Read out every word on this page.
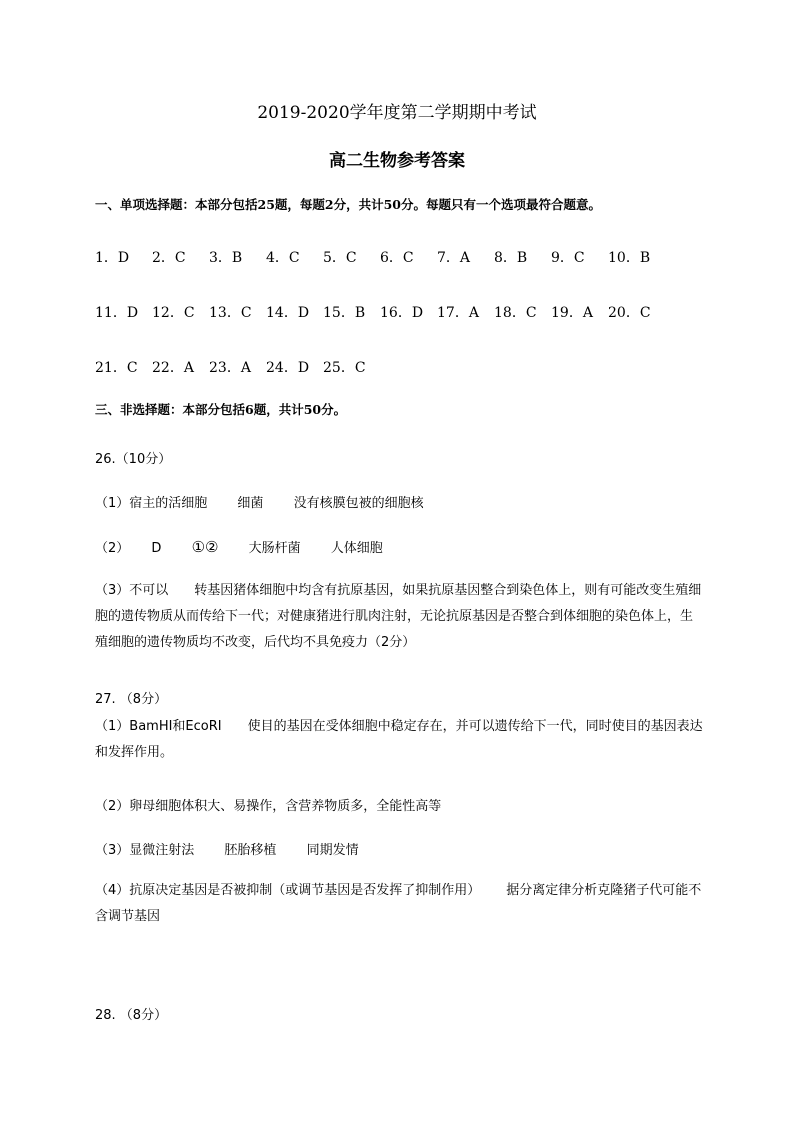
2019-2020学年度第二学期期中考试
高二生物参考答案
一、单项选择题：本部分包括25题，每题2分，共计50分。每题只有一个选项最符合题意。
1．D	2．C	3．B	4．C	5．C	6．C	7．A	8．B	9．C	10．B
11．D 12．C	13．C	14．D 15．B	16．D 17．A	18．C	19．A	20．C
21．C	22．A	23．A	24．D 25．C
三、非选择题：本部分包括6题，共计50分。
26.（10分）
（1）宿主的活细胞 细菌 没有核膜包被的细胞核
（2） D ①② 大肠杆菌 人体细胞
（3）不可以 转基因猪体细胞中均含有抗原基因，如果抗原基因整合到染色体上，则有可能改变生殖细胞的遗传物质从而传给下一代；对健康猪进行肌肉注射，无论抗原基因是否整合到体细胞的染色体上，生殖细胞的遗传物质均不改变，后代均不具免疫力（2分）
27. （8分）
（1）BamHⅠ和EcoRⅠ 使目的基因在受体细胞中稳定存在，并可以遗传给下一代，同时使目的基因表达和发挥作用。
（2）卵母细胞体积大、易操作，含营养物质多，全能性高等
（3）显微注射法 胚胎移植 同期发情
（4）抗原决定基因是否被抑制（或调节基因是否发挥了抑制作用） 据分离定律分析克隆猪子代可能不含调节基因
28. （8分）
